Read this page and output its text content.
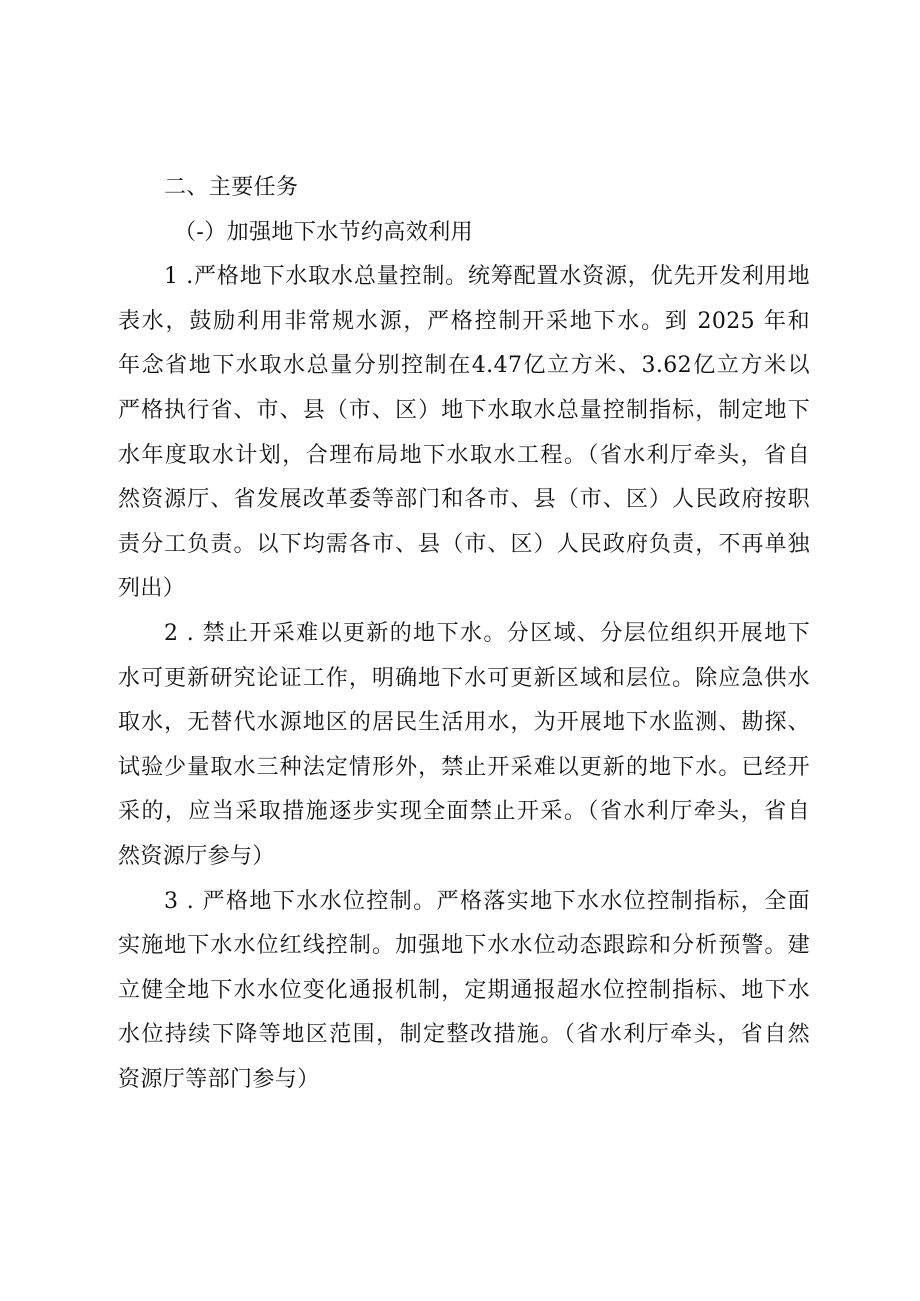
二、主要任务
（-）加强地下水节约高效利用
1 .严格地下水取水总量控制。统筹配置水资源，优先开发利用地
表水，鼓励利用非常规水源，严格控制开采地下水。到 2025 年和
年念省地下水取水总量分别控制在4.47亿立方米、3.62亿立方米以
严格执行省、市、县（市、区）地下水取水总量控制指标，制定地下
水年度取水计划，合理布局地下水取水工程。（省水利厅牵头，省自
然资源厅、省发展改革委等部门和各市、县（市、区）人民政府按职
责分工负责。以下均需各市、县（市、区）人民政府负责，不再单独
列出）
2 . 禁止开采难以更新的地下水。分区域、分层位组织开展地下
水可更新研究论证工作，明确地下水可更新区域和层位。除应急供水
取水，无替代水源地区的居民生活用水，为开展地下水监测、勘探、
试验少量取水三种法定情形外，禁止开采难以更新的地下水。已经开
采的，应当采取措施逐步实现全面禁止开采。（省水利厅牵头，省自
然资源厅参与）
3 . 严格地下水水位控制。严格落实地下水水位控制指标，全面
实施地下水水位红线控制。加强地下水水位动态跟踪和分析预警。建
立健全地下水水位变化通报机制，定期通报超水位控制指标、地下水
水位持续下降等地区范围，制定整改措施。（省水利厅牵头，省自然
资源厅等部门参与）
